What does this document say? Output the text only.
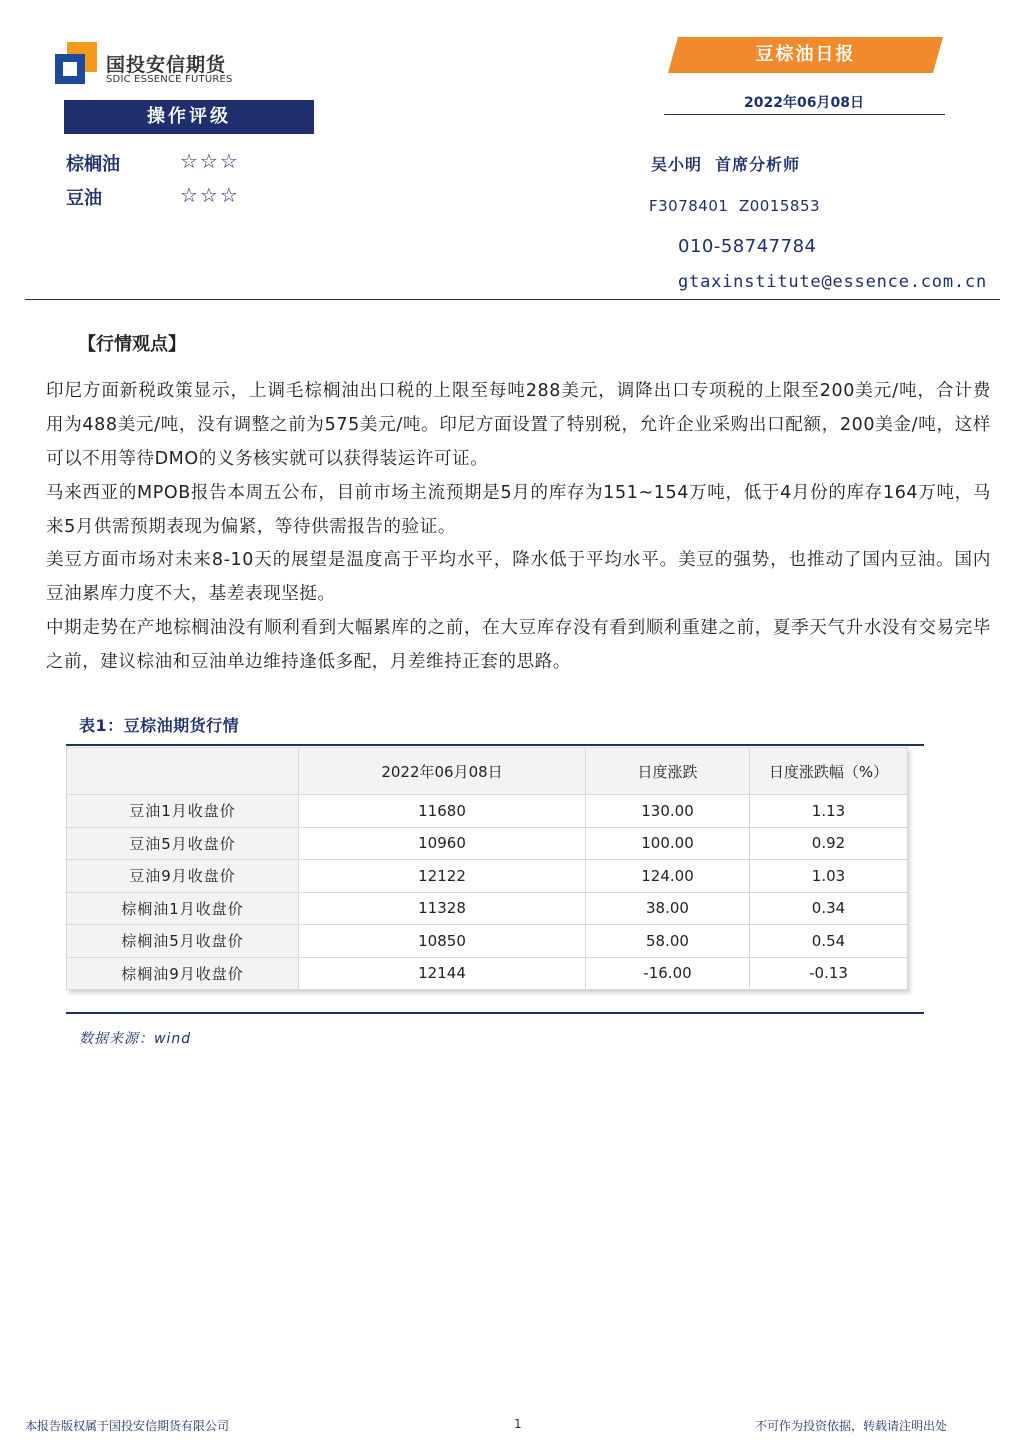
国投安信期货
SDIC ESSENCE FUTURES
豆棕油日报
2022年06月08日
操作评级
棕榈油	☆☆☆
豆油	☆☆☆
吴小明  首席分析师
F3078401  Z0015853
010-58747784
gtaxinstitute@essence.com.cn
【行情观点】
印尼方面新税政策显示，上调毛棕榈油出口税的上限至每吨288美元，调降出口专项税的上限至200美元/吨，合计费用为488美元/吨，没有调整之前为575美元/吨。印尼方面设置了特别税，允许企业采购出口配额，200美金/吨，这样可以不用等待DMO的义务核实就可以获得装运许可证。
马来西亚的MPOB报告本周五公布，目前市场主流预期是5月的库存为151~154万吨，低于4月份的库存164万吨，马来5月供需预期表现为偏紧，等待供需报告的验证。
美豆方面市场对未来8-10天的展望是温度高于平均水平，降水低于平均水平。美豆的强势，也推动了国内豆油。国内豆油累库力度不大，基差表现坚挺。
中期走势在产地棕榈油没有顺利看到大幅累库的之前，在大豆库存没有看到顺利重建之前，夏季天气升水没有交易完毕之前，建议棕油和豆油单边维持逢低多配，月差维持正套的思路。
表1：豆棕油期货行情
	2022年06月08日	日度涨跌	日度涨跌幅（%）
豆油1月收盘价	11680	130.00	1.13
豆油5月收盘价	10960	100.00	0.92
豆油9月收盘价	12122	124.00	1.03
棕榈油1月收盘价	11328	38.00	0.34
棕榈油5月收盘价	10850	58.00	0.54
棕榈油9月收盘价	12144	-16.00	-0.13
数据来源：wind
本报告版权属于国投安信期货有限公司	1	不可作为投资依据，转载请注明出处
